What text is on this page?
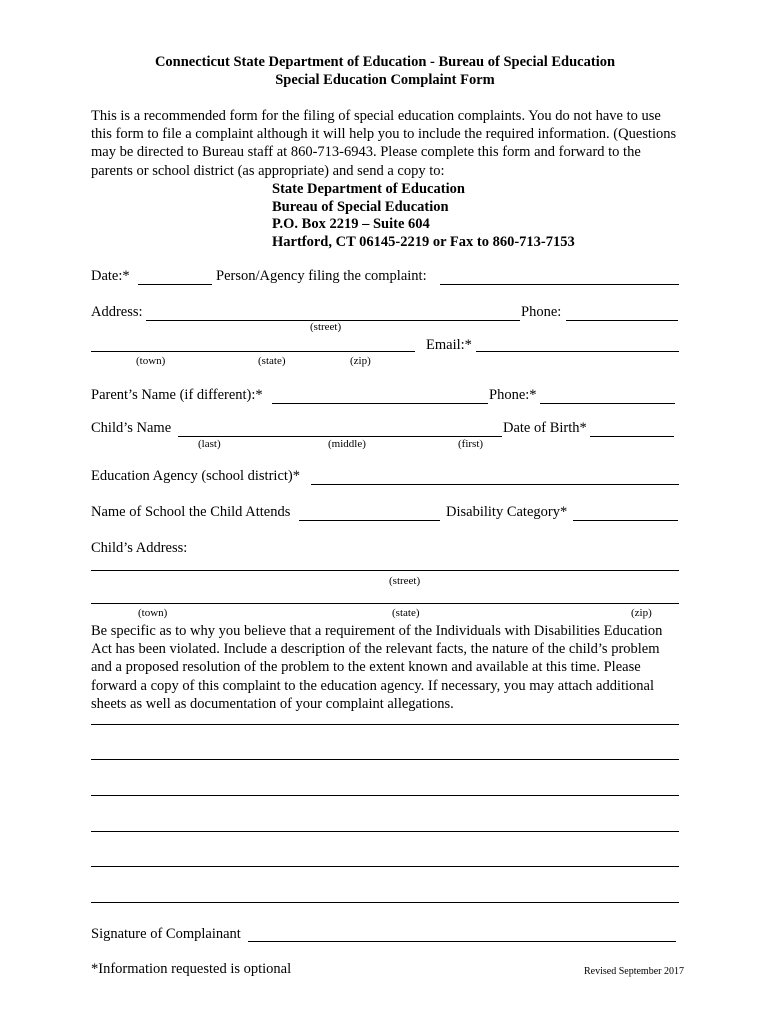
Connecticut State Department of Education - Bureau of Special Education
Special Education Complaint Form
This is a recommended form for the filing of special education complaints. You do not have to use this form to file a complaint although it will help you to include the required information. (Questions may be directed to Bureau staff at 860-713-6943. Please complete this form and forward to the parents or school district (as appropriate) and send a copy to:
State Department of Education
Bureau of Special Education
P.O. Box 2219 – Suite 604
Hartford, CT 06145-2219 or Fax to 860-713-7153
Date:*	Person/Agency filing the complaint:
Address:	Phone:
(street)
Email:*
(town)	(state)	(zip)
Parent’s Name (if different):*	Phone:*
Child’s Name	Date of Birth*
(last)	(middle)	(first)
Education Agency (school district)*
Name of School the Child Attends	Disability Category*
Child’s Address:
(street)
(town)	(state)	(zip)
Be specific as to why you believe that a requirement of the Individuals with Disabilities Education Act has been violated. Include a description of the relevant facts, the nature of the child’s problem and a proposed resolution of the problem to the extent known and available at this time. Please forward a copy of this complaint to the education agency. If necessary, you may attach additional sheets as well as documentation of your complaint allegations.
Signature of Complainant
*Information requested is optional	Revised September 2017
